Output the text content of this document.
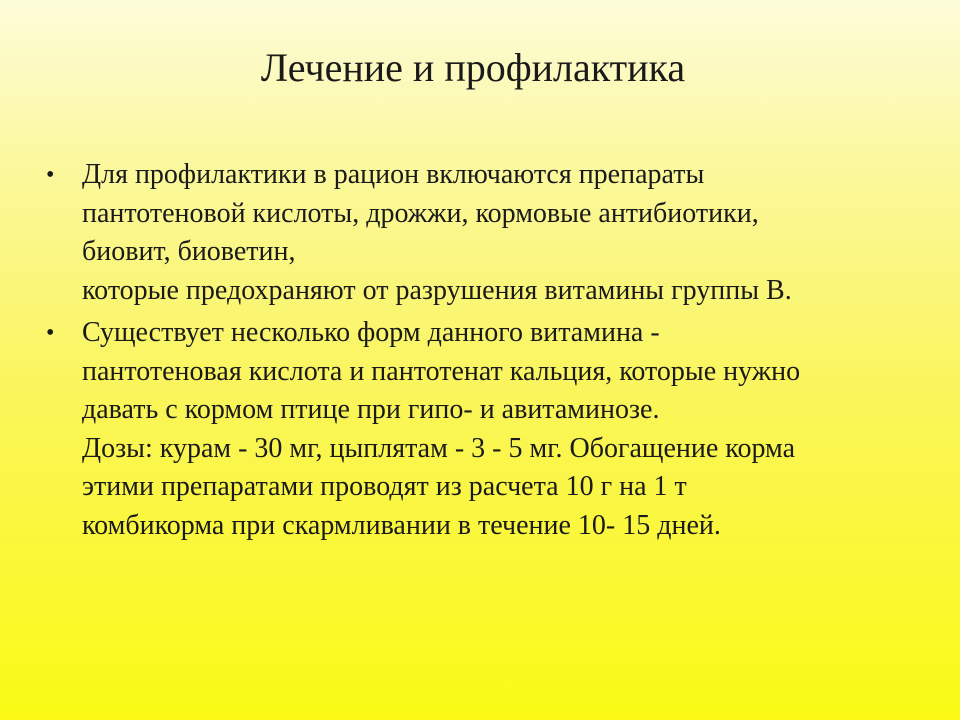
Лечение и профилактика
• Для профилактики в рацион включаются препараты
пантотеновой кислоты, дрожжи, кормовые антибиотики,
биовит, биоветин,
которые предохраняют от разрушения витамины группы В.
• Существует несколько форм данного витамина -
пантотеновая кислота и пантотенат кальция, которые нужно
давать с кормом птице при гипо- и авитаминозе.
Дозы: курам - 30 мг, цыплятам - 3 - 5 мг. Обогащение корма
этими препаратами проводят из расчета 10 г на 1 т
комбикорма при скармливании в течение 10- 15 дней.
